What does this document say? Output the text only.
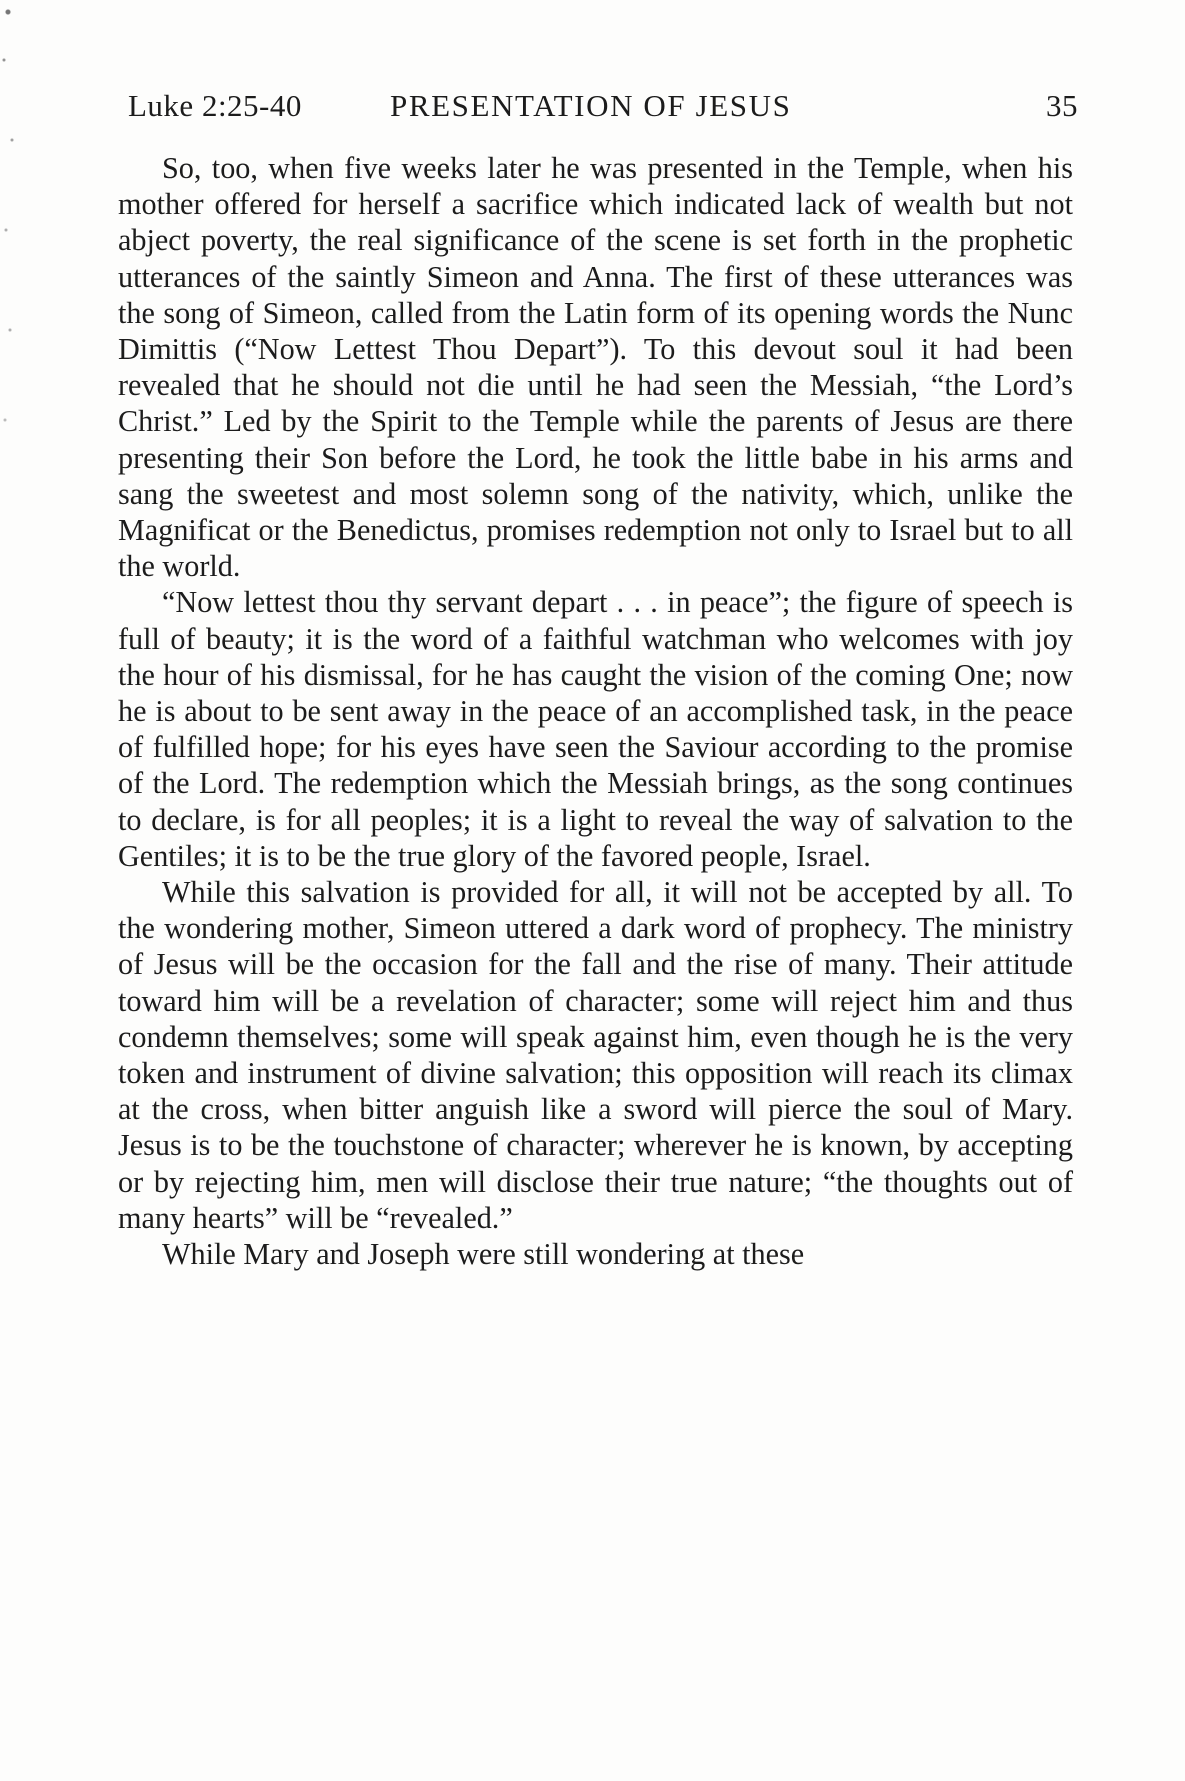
Luke 2:25-40	PRESENTATION OF JESUS	35

So, too, when five weeks later he was presented in the Temple, when his mother offered for herself a sacrifice which indicated lack of wealth but not abject poverty, the real significance of the scene is set forth in the prophetic utterances of the saintly Simeon and Anna. The first of these utterances was the song of Simeon, called from the Latin form of its opening words the Nunc Dimittis (“Now Lettest Thou Depart”). To this devout soul it had been revealed that he should not die until he had seen the Messiah, “the Lord’s Christ.” Led by the Spirit to the Temple while the parents of Jesus are there presenting their Son before the Lord, he took the little babe in his arms and sang the sweetest and most solemn song of the nativity, which, unlike the Magnificat or the Benedictus, promises redemption not only to Israel but to all the world.

“Now lettest thou thy servant depart . . . in peace”; the figure of speech is full of beauty; it is the word of a faithful watchman who welcomes with joy the hour of his dismissal, for he has caught the vision of the coming One; now he is about to be sent away in the peace of an accomplished task, in the peace of fulfilled hope; for his eyes have seen the Saviour according to the promise of the Lord. The redemption which the Messiah brings, as the song continues to declare, is for all peoples; it is a light to reveal the way of salvation to the Gentiles; it is to be the true glory of the favored people, Israel.

While this salvation is provided for all, it will not be accepted by all. To the wondering mother, Simeon uttered a dark word of prophecy. The ministry of Jesus will be the occasion for the fall and the rise of many. Their attitude toward him will be a revelation of character; some will reject him and thus condemn themselves; some will speak against him, even though he is the very token and instrument of divine salvation; this opposition will reach its climax at the cross, when bitter anguish like a sword will pierce the soul of Mary. Jesus is to be the touchstone of character; wherever he is known, by accepting or by rejecting him, men will disclose their true nature; “the thoughts out of many hearts” will be “revealed.”

While Mary and Joseph were still wondering at these
